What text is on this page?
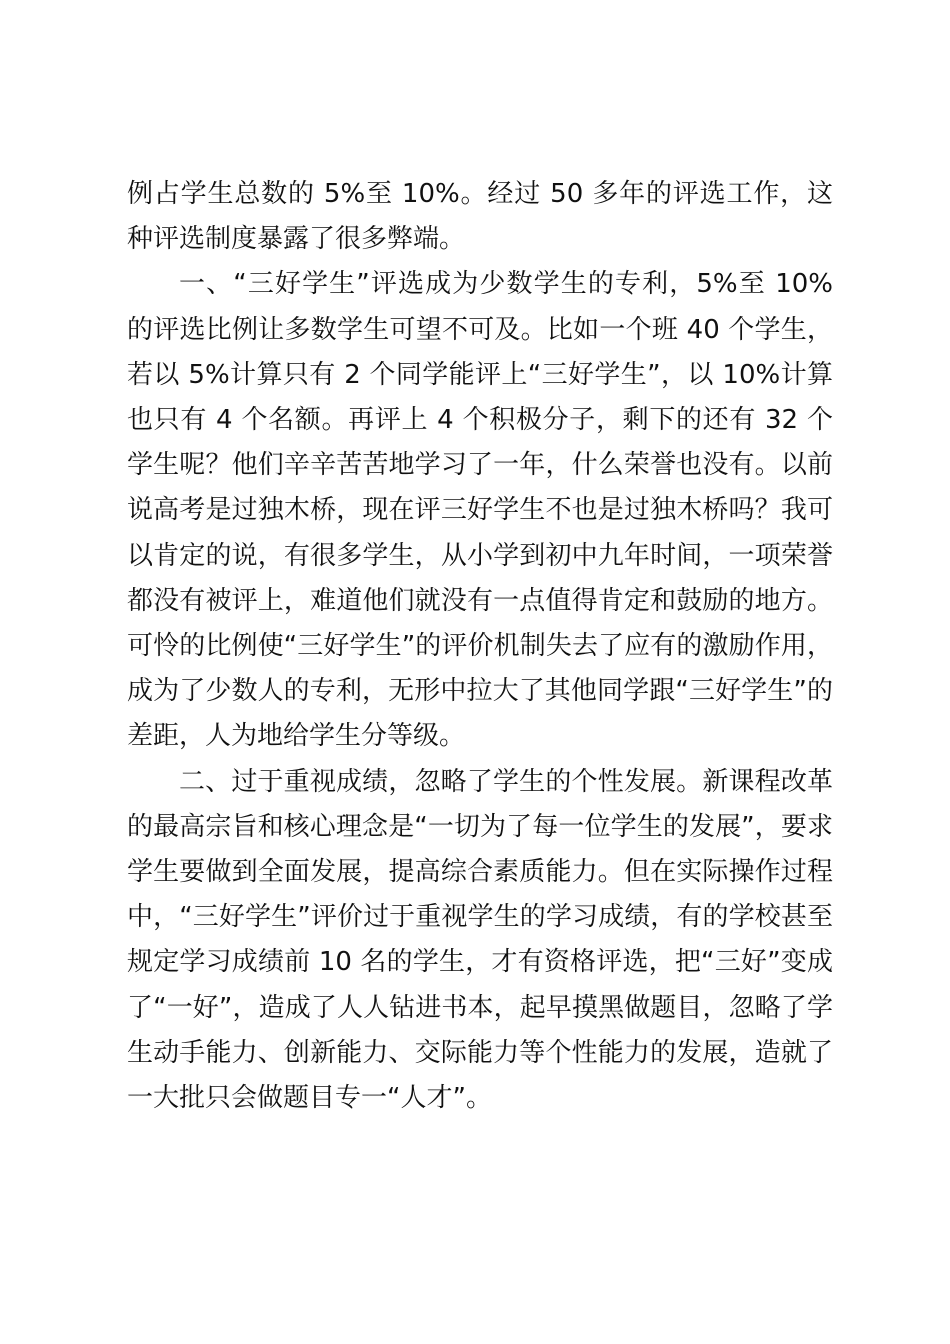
例占学生总数的 5%至 10%。经过 50 多年的评选工作，这种评选制度暴露了很多弊端。

一、“三好学生”评选成为少数学生的专利，5%至 10%的评选比例让多数学生可望不可及。比如一个班 40 个学生，若以 5%计算只有 2 个同学能评上“三好学生”，以 10%计算也只有 4 个名额。再评上 4 个积极分子，剩下的还有 32 个学生呢？他们辛辛苦苦地学习了一年，什么荣誉也没有。以前说高考是过独木桥，现在评三好学生不也是过独木桥吗？我可以肯定的说，有很多学生，从小学到初中九年时间，一项荣誉都没有被评上，难道他们就没有一点值得肯定和鼓励的地方。可怜的比例使“三好学生”的评价机制失去了应有的激励作用，成为了少数人的专利，无形中拉大了其他同学跟“三好学生”的差距，人为地给学生分等级。

二、过于重视成绩，忽略了学生的个性发展。新课程改革的最高宗旨和核心理念是“一切为了每一位学生的发展”，要求学生要做到全面发展，提高综合素质能力。但在实际操作过程中，“三好学生”评价过于重视学生的学习成绩，有的学校甚至规定学习成绩前 10 名的学生，才有资格评选，把“三好”变成了“一好”，造成了人人钻进书本，起早摸黑做题目，忽略了学生动手能力、创新能力、交际能力等个性能力的发展，造就了一大批只会做题目专一“人才”。
